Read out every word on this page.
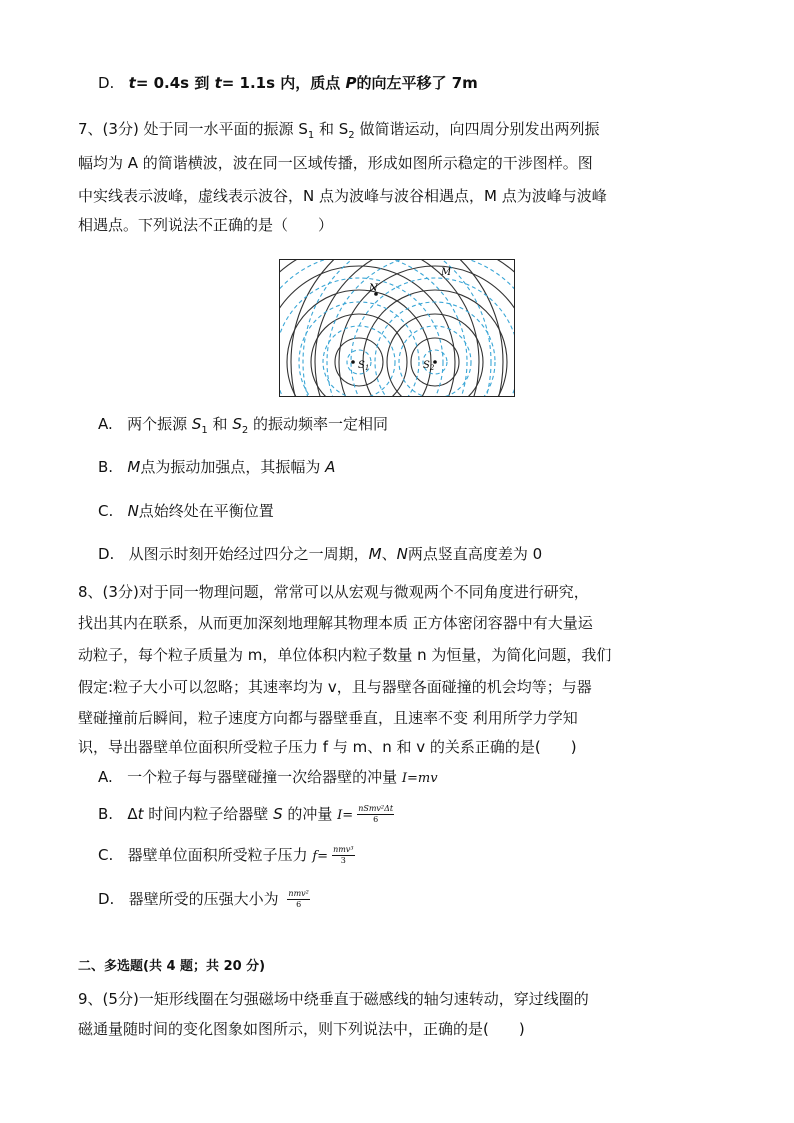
D. t= 0.4s 到 t= 1.1s 内，质点 P的向左平移了 7m
7、(3分) 处于同一水平面的振源 $S_1$ 和 $S_2$ 做简谐运动，向四周分别发出两列振
幅均为 A 的简谐横波，波在同一区域传播，形成如图所示稳定的干涉图样。图
中实线表示波峰，虚线表示波谷，N 点为波峰与波谷相遇点，M 点为波峰与波峰
相遇点。下列说法不正确的是（　　）
$S_1$	$S_2$
N
M
A. 两个振源 $S_1$ 和 $S_2$ 的振动频率一定相同
B. M点为振动加强点，其振幅为 A
C. N点始终处在平衡位置
D. 从图示时刻开始经过四分之一周期，M、N两点竖直高度差为 0
8、(3分)对于同一物理问题，常常可以从宏观与微观两个不同角度进行研究，
找出其内在联系，从而更加深刻地理解其物理本质 正方体密闭容器中有大量运
动粒子，每个粒子质量为 m，单位体积内粒子数量 n 为恒量，为简化问题，我们
假定:粒子大小可以忽略；其速率均为 v，且与器壁各面碰撞的机会均等；与器
壁碰撞前后瞬间，粒子速度方向都与器壁垂直，且速率不变 利用所学力学知
识，导出器壁单位面积所受粒子压力 f 与 m、n 和 v 的关系正确的是(　　)
A. 一个粒子每与器壁碰撞一次给器壁的冲量 I=mv
B. Δt 时间内粒子给器壁 S 的冲量 $I= \frac{\text{nSmv²Δt}}{6}$
C. 器壁单位面积所受粒子压力 $f= \frac{\text{nmv³}}{3}$
D. 器壁所受的压强大小为 $\frac{\text{nmv²}}{6}$
二、多选题(共 4 题；共 20 分)
9、(5分)一矩形线圈在匀强磁场中绕垂直于磁感线的轴匀速转动，穿过线圈的
磁通量随时间的变化图象如图所示，则下列说法中，正确的是(　　)
